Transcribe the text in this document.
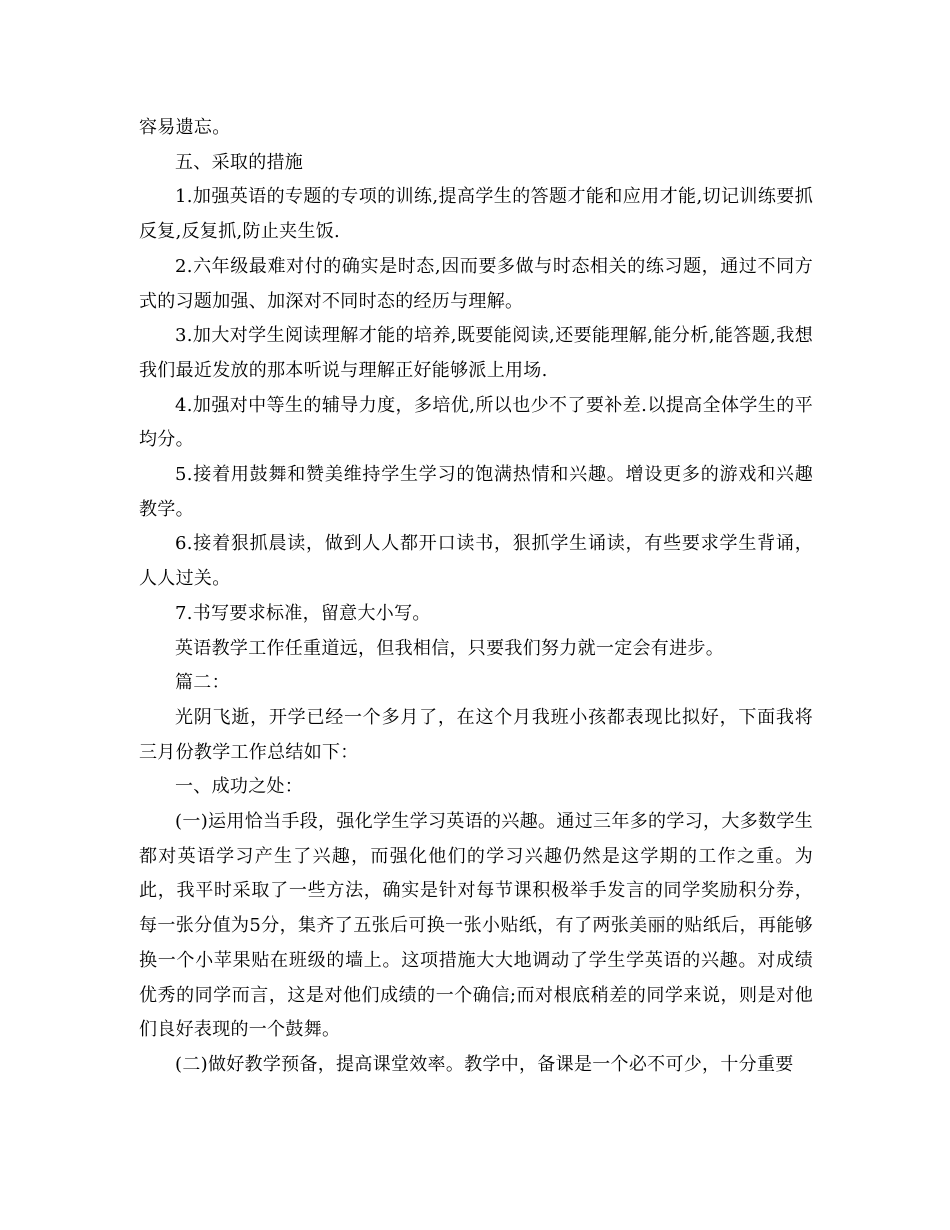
容易遗忘。

五、采取的措施

1.加强英语的专题的专项的训练,提高学生的答题才能和应用才能,切记训练要抓反复,反复抓,防止夹生饭.

2.六年级最难对付的确实是时态,因而要多做与时态相关的练习题，通过不同方式的习题加强、加深对不同时态的经历与理解。

3.加大对学生阅读理解才能的培养,既要能阅读,还要能理解,能分析,能答题,我想我们最近发放的那本听说与理解正好能够派上用场.

4.加强对中等生的辅导力度，多培优,所以也少不了要补差.以提高全体学生的平均分。

5.接着用鼓舞和赞美维持学生学习的饱满热情和兴趣。增设更多的游戏和兴趣教学。

6.接着狠抓晨读，做到人人都开口读书，狠抓学生诵读，有些要求学生背诵，人人过关。

7.书写要求标准，留意大小写。

英语教学工作任重道远，但我相信，只要我们努力就一定会有进步。

篇二：

光阴飞逝，开学已经一个多月了，在这个月我班小孩都表现比拟好，下面我将三月份教学工作总结如下：

一、成功之处：

(一)运用恰当手段，强化学生学习英语的兴趣。通过三年多的学习，大多数学生都对英语学习产生了兴趣，而强化他们的学习兴趣仍然是这学期的工作之重。为此，我平时采取了一些方法，确实是针对每节课积极举手发言的同学奖励积分券，每一张分值为5分，集齐了五张后可换一张小贴纸，有了两张美丽的贴纸后，再能够换一个小苹果贴在班级的墙上。这项措施大大地调动了学生学英语的兴趣。对成绩优秀的同学而言，这是对他们成绩的一个确信;而对根底稍差的同学来说，则是对他们良好表现的一个鼓舞。

(二)做好教学预备，提高课堂效率。教学中，备课是一个必不可少，十分重要
